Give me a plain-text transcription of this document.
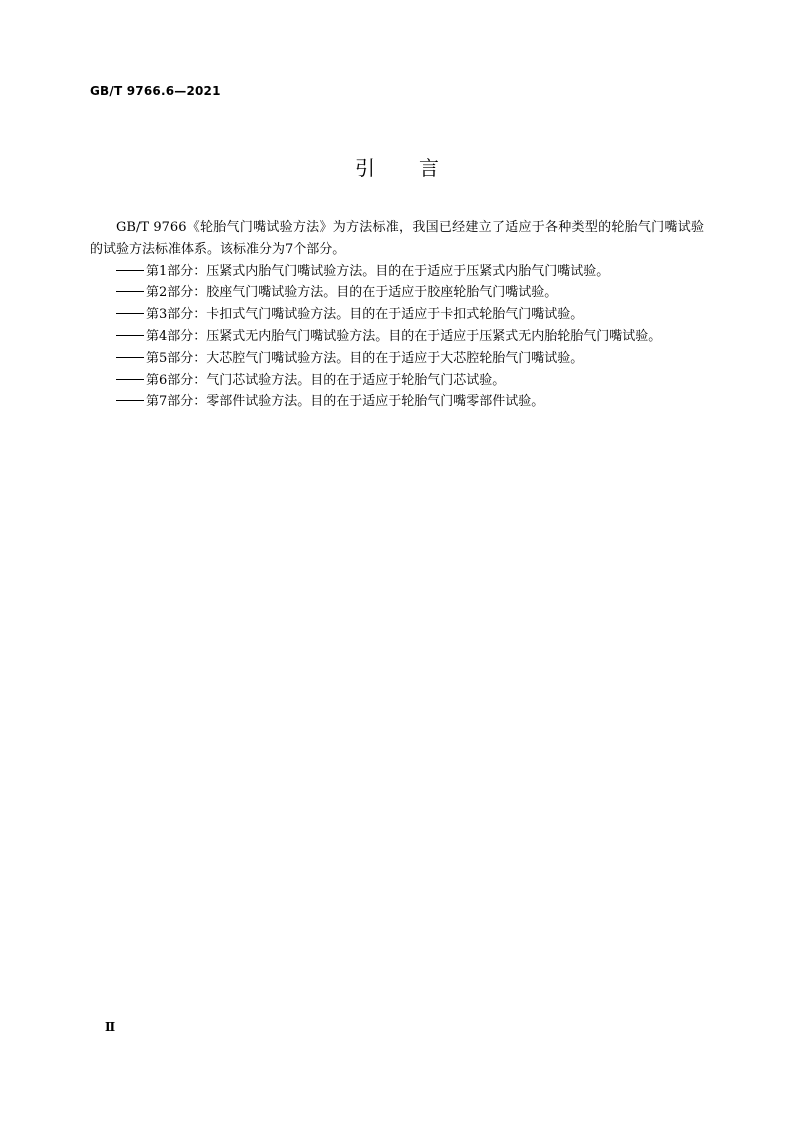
GB/T 9766.6—2021
引言

GB/T 9766《轮胎气门嘴试验方法》为方法标准，我国已经建立了适应于各种类型的轮胎气门嘴试验的试验方法标准体系。该标准分为7个部分。

第1部分：压紧式内胎气门嘴试验方法。目的在于适应于压紧式内胎气门嘴试验。

第2部分：胶座气门嘴试验方法。目的在于适应于胶座轮胎气门嘴试验。

第3部分：卡扣式气门嘴试验方法。目的在于适应于卡扣式轮胎气门嘴试验。

第4部分：压紧式无内胎气门嘴试验方法。目的在于适应于压紧式无内胎轮胎气门嘴试验。

第5部分：大芯腔气门嘴试验方法。目的在于适应于大芯腔轮胎气门嘴试验。

第6部分：气门芯试验方法。目的在于适应于轮胎气门芯试验。

第7部分：零部件试验方法。目的在于适应于轮胎气门嘴零部件试验。

Ⅱ
